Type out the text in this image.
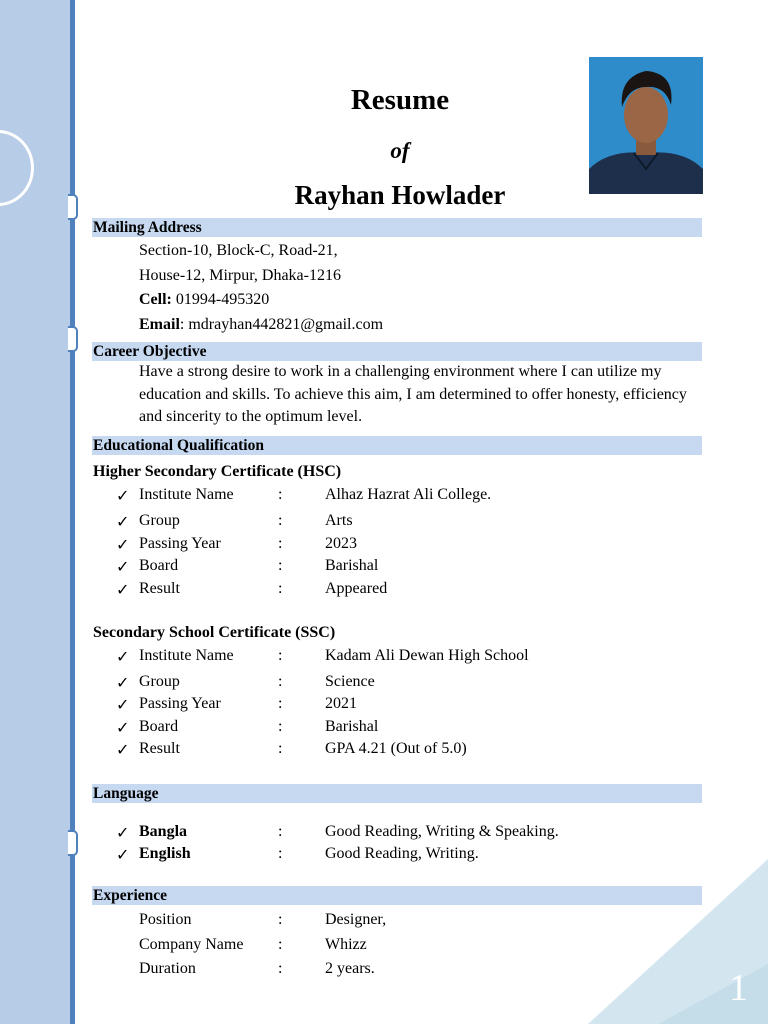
1
Resume
of
Rayhan Howlader
Mailing Address
Section-10, Block-C, Road-21,
House-12, Mirpur, Dhaka-1216
Cell: 01994-495320
Email: mdrayhan442821@gmail.com
Career Objective
Have a strong desire to work in a challenging environment where I can utilize my education and skills. To achieve this aim, I am determined to offer honesty, efficiency and sincerity to the optimum level.
Educational Qualification
Higher Secondary Certificate (HSC)
✓ Institute Name	:	Alhaz Hazrat Ali College.
✓ Group	:	Arts
✓ Passing Year	:	2023
✓ Board	:	Barishal
✓ Result	:	Appeared
Secondary School Certificate (SSC)
✓ Institute Name	:	Kadam Ali Dewan High School
✓ Group	:	Science
✓ Passing Year	:	2021
✓ Board	:	Barishal
✓ Result	:	GPA 4.21 (Out of 5.0)
Language
✓ Bangla	:	Good Reading, Writing & Speaking.
✓ English	:	Good Reading, Writing.
Experience
Position	:	Designer,
Company Name :	Whizz
Duration	:	2 years.
